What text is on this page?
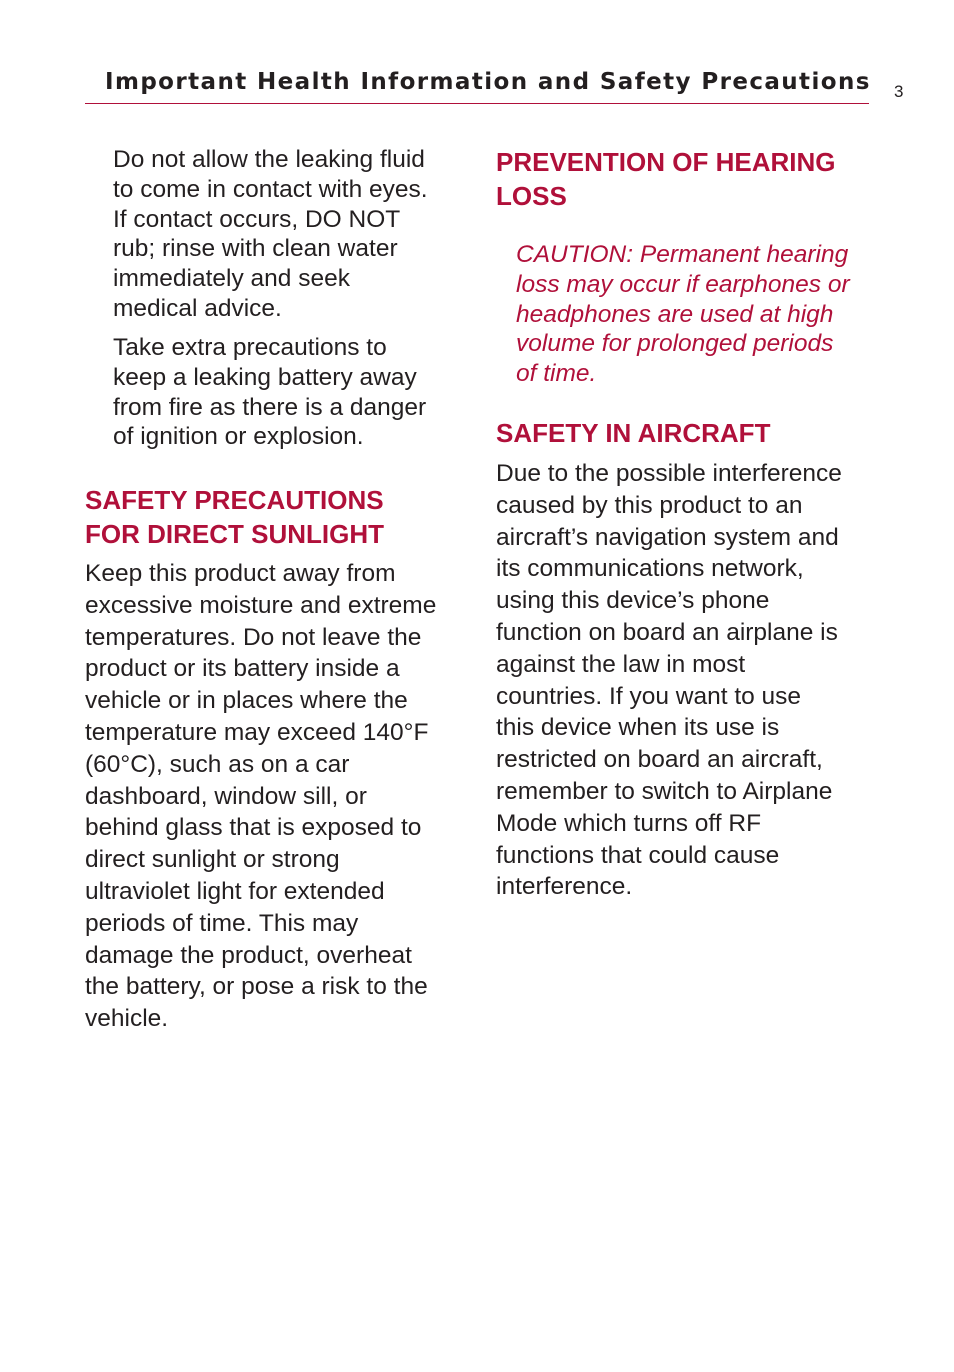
Important Health Information and Safety Precautions 3

Do not allow the leaking fluid
to come in contact with eyes.
If contact occurs, DO NOT
rub; rinse with clean water
immediately and seek
medical advice.

Take extra precautions to
keep a leaking battery away
from fire as there is a danger
of ignition or explosion.

SAFETY PRECAUTIONS
FOR DIRECT SUNLIGHT

Keep this product away from
excessive moisture and extreme
temperatures. Do not leave the
product or its battery inside a
vehicle or in places where the
temperature may exceed 140°F
(60°C), such as on a car
dashboard, window sill, or
behind glass that is exposed to
direct sunlight or strong
ultraviolet light for extended
periods of time. This may
damage the product, overheat
the battery, or pose a risk to the
vehicle.

PREVENTION OF HEARING
LOSS

CAUTION: Permanent hearing
loss may occur if earphones or
headphones are used at high
volume for prolonged periods
of time.

SAFETY IN AIRCRAFT

Due to the possible interference
caused by this product to an
aircraft’s navigation system and
its communications network,
using this device’s phone
function on board an airplane is
against the law in most
countries. If you want to use
this device when its use is
restricted on board an aircraft,
remember to switch to Airplane
Mode which turns off RF
functions that could cause
interference.
